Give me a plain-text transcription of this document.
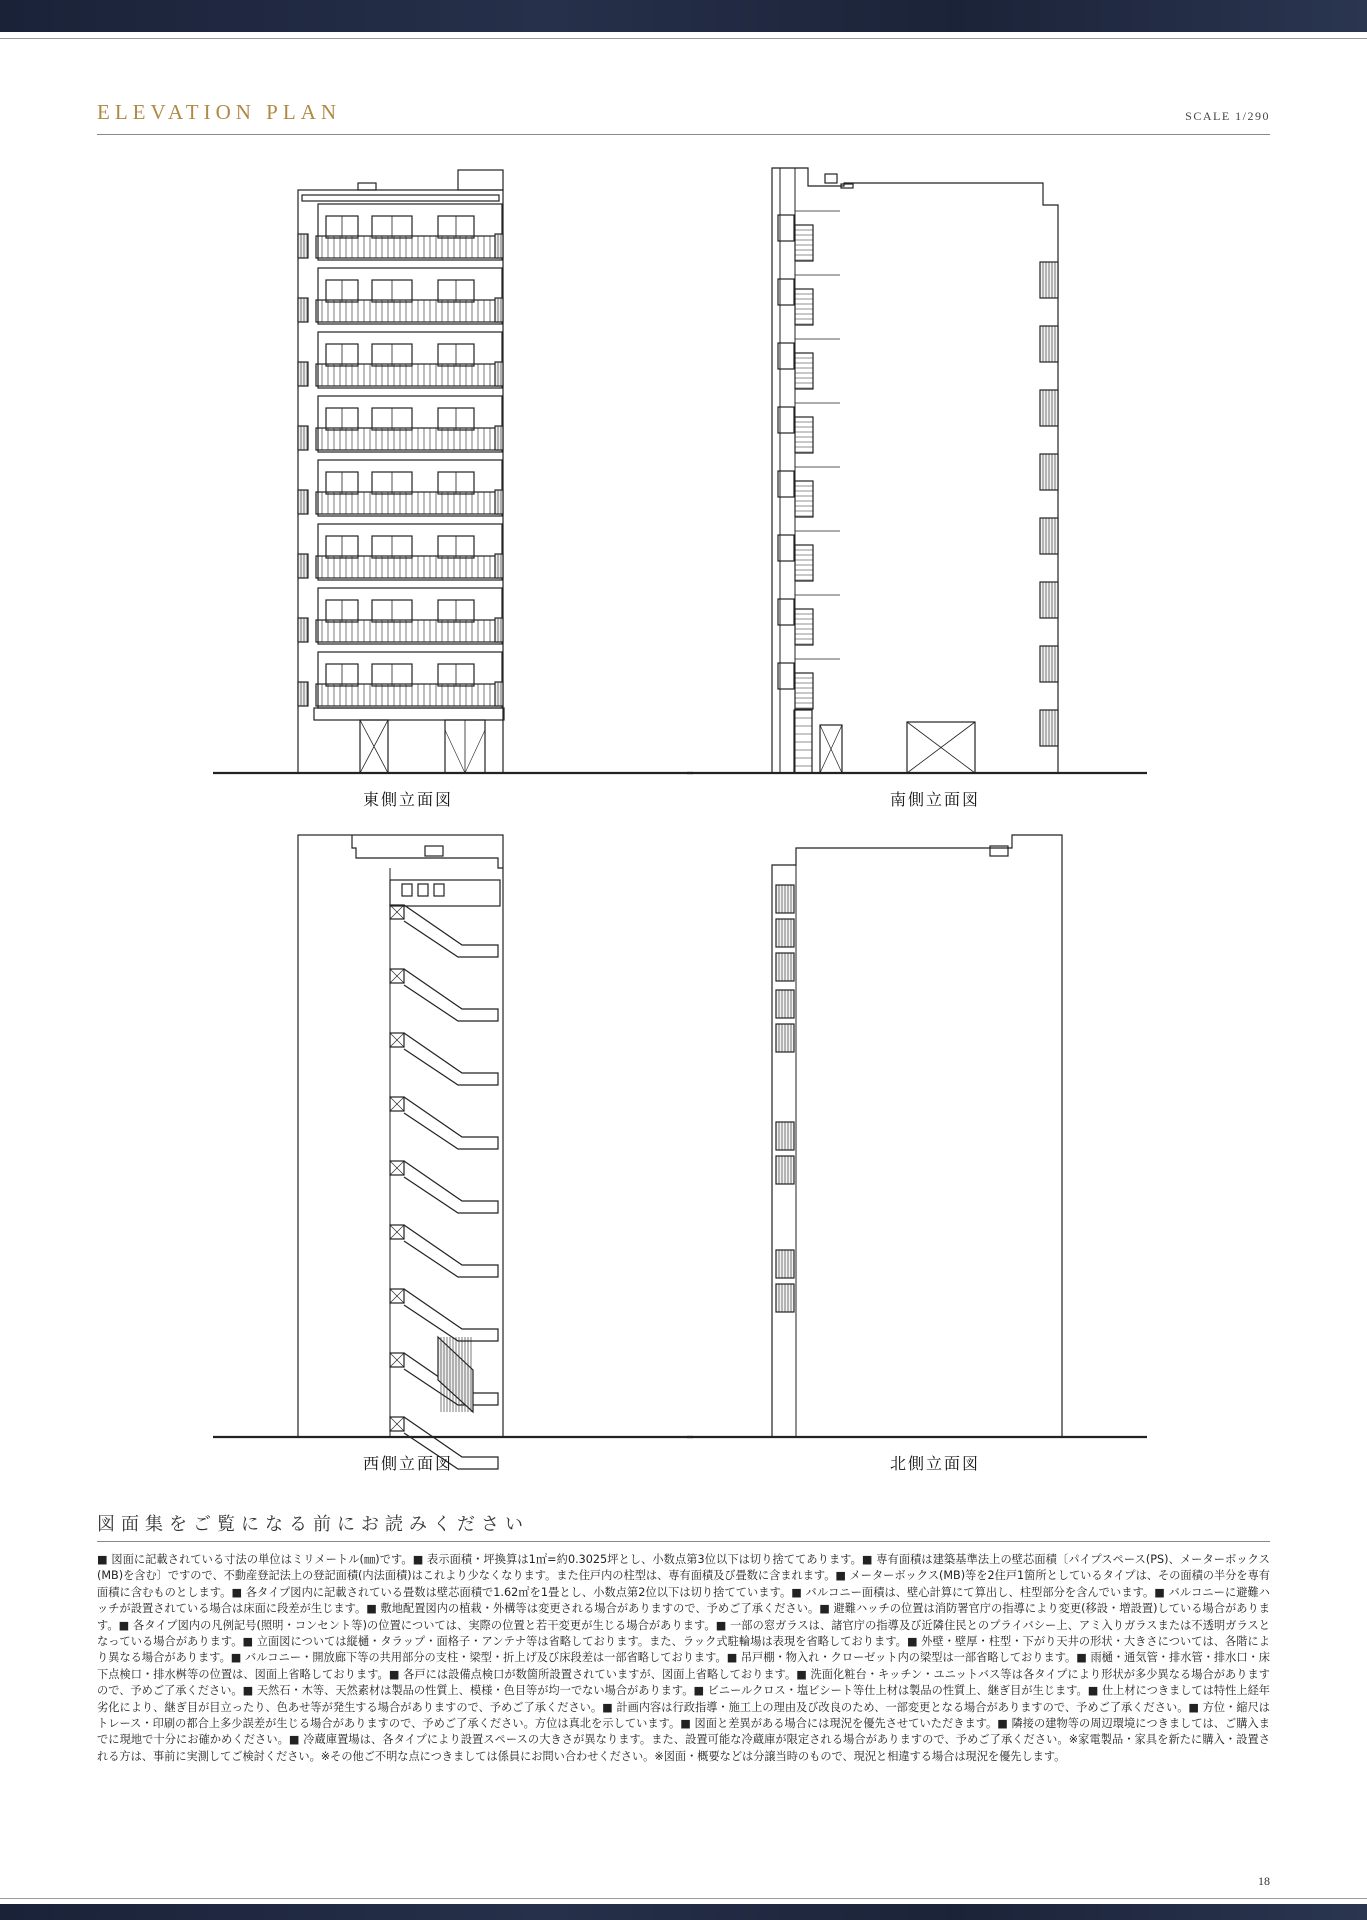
ELEVATION PLAN	SCALE 1/290
東側立面図	南側立面図
西側立面図	北側立面図
図面集をご覧になる前にお読みください
■ 図面に記載されている寸法の単位はミリメートル(㎜)です。■ 表示面積・坪換算は1㎡=約0.3025坪とし、小数点第3位以下は切り捨ててあります。■ 専有面積は建築基準法上の壁芯面積〔パイプスペース(PS)、メーターボックス(MB)を含む〕ですので、不動産登記法上の登記面積(内法面積)はこれより少なくなります。また住戸内の柱型は、専有面積及び畳数に含まれます。■ メーターボックス(MB)等を2住戸1箇所としているタイプは、その面積の半分を専有面積に含むものとします。■ 各タイプ図内に記載されている畳数は壁芯面積で1.62㎡を1畳とし、小数点第2位以下は切り捨てています。■ バルコニー面積は、壁心計算にて算出し、柱型部分を含んでいます。■ バルコニーに避難ハッチが設置されている場合は床面に段差が生じます。■ 敷地配置図内の植栽・外構等は変更される場合がありますので、予めご了承ください。■ 避難ハッチの位置は消防署官庁の指導により変更(移設・増設置)している場合があります。■ 各タイプ図内の凡例記号(照明・コンセント等)の位置については、実際の位置と若干変更が生じる場合があります。■ 一部の窓ガラスは、諸官庁の指導及び近隣住民とのプライバシー上、アミ入りガラスまたは不透明ガラスとなっている場合があります。■ 立面図については縦樋・タラップ・面格子・アンテナ等は省略しております。また、ラック式駐輪場は表現を省略しております。■ 外壁・壁厚・柱型・下がり天井の形状・大きさについては、各階により異なる場合があります。■ バルコニー・開放廊下等の共用部分の支柱・梁型・折上げ及び床段差は一部省略しております。■ 吊戸棚・物入れ・クローゼット内の梁型は一部省略しております。■ 雨樋・通気管・排水管・排水口・床下点検口・排水桝等の位置は、図面上省略しております。■ 各戸には設備点検口が数箇所設置されていますが、図面上省略しております。■ 洗面化粧台・キッチン・ユニットバス等は各タイプにより形状が多少異なる場合がありますので、予めご了承ください。■ 天然石・木等、天然素材は製品の性質上、模様・色目等が均一でない場合があります。■ ビニールクロス・塩ビシート等仕上材は製品の性質上、継ぎ目が生じます。■ 仕上材につきましては特性上経年劣化により、継ぎ目が目立ったり、色あせ等が発生する場合がありますので、予めご了承ください。■ 計画内容は行政指導・施工上の理由及び改良のため、一部変更となる場合がありますので、予めご了承ください。■ 方位・縮尺はトレース・印刷の都合上多少誤差が生じる場合がありますので、予めご了承ください。方位は真北を示しています。■ 図面と差異がある場合には現況を優先させていただきます。■ 隣接の建物等の周辺環境につきましては、ご購入までに現地で十分にお確かめください。■ 冷蔵庫置場は、各タイプにより設置スペースの大きさが異なります。また、設置可能な冷蔵庫が限定される場合がありますので、予めご了承ください。※家電製品・家具を新たに購入・設置される方は、事前に実測してご検討ください。※その他ご不明な点につきましては係員にお問い合わせください。※図面・概要などは分譲当時のもので、現況と相違する場合は現況を優先します。
18
